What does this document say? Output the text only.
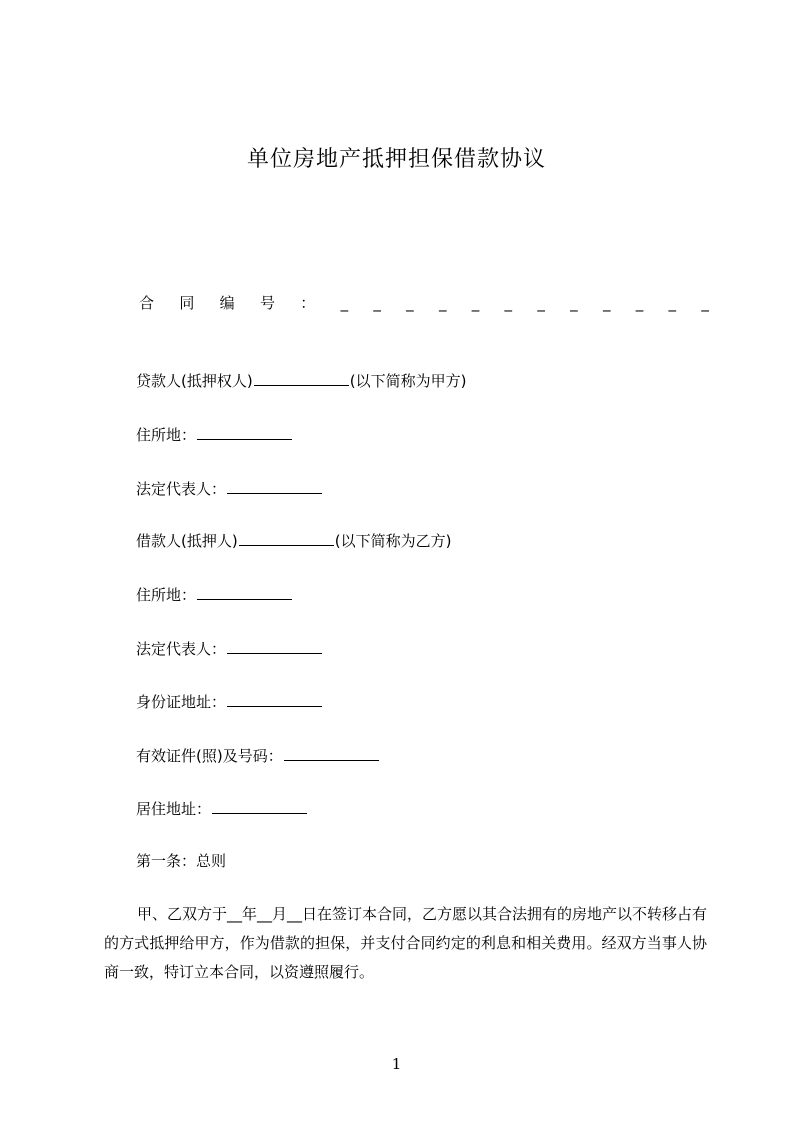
单位房地产抵押担保借款协议
合 同 编 号 ： _ _ _ _ _ _ _ _ _ _ _ _
贷款人(抵押权人)	(以下简称为甲方)
住所地：
法定代表人：
借款人(抵押人)	(以下简称为乙方)
住所地：
法定代表人：
身份证地址：
有效证件(照)及号码：
居住地址：
第一条：总则
甲、乙双方于__年__月__日在签订本合同，乙方愿以其合法拥有的房地产以不转移占有的方式抵押给甲方，作为借款的担保，并支付合同约定的利息和相关费用。经双方当事人协商一致，特订立本合同，以资遵照履行。
1
